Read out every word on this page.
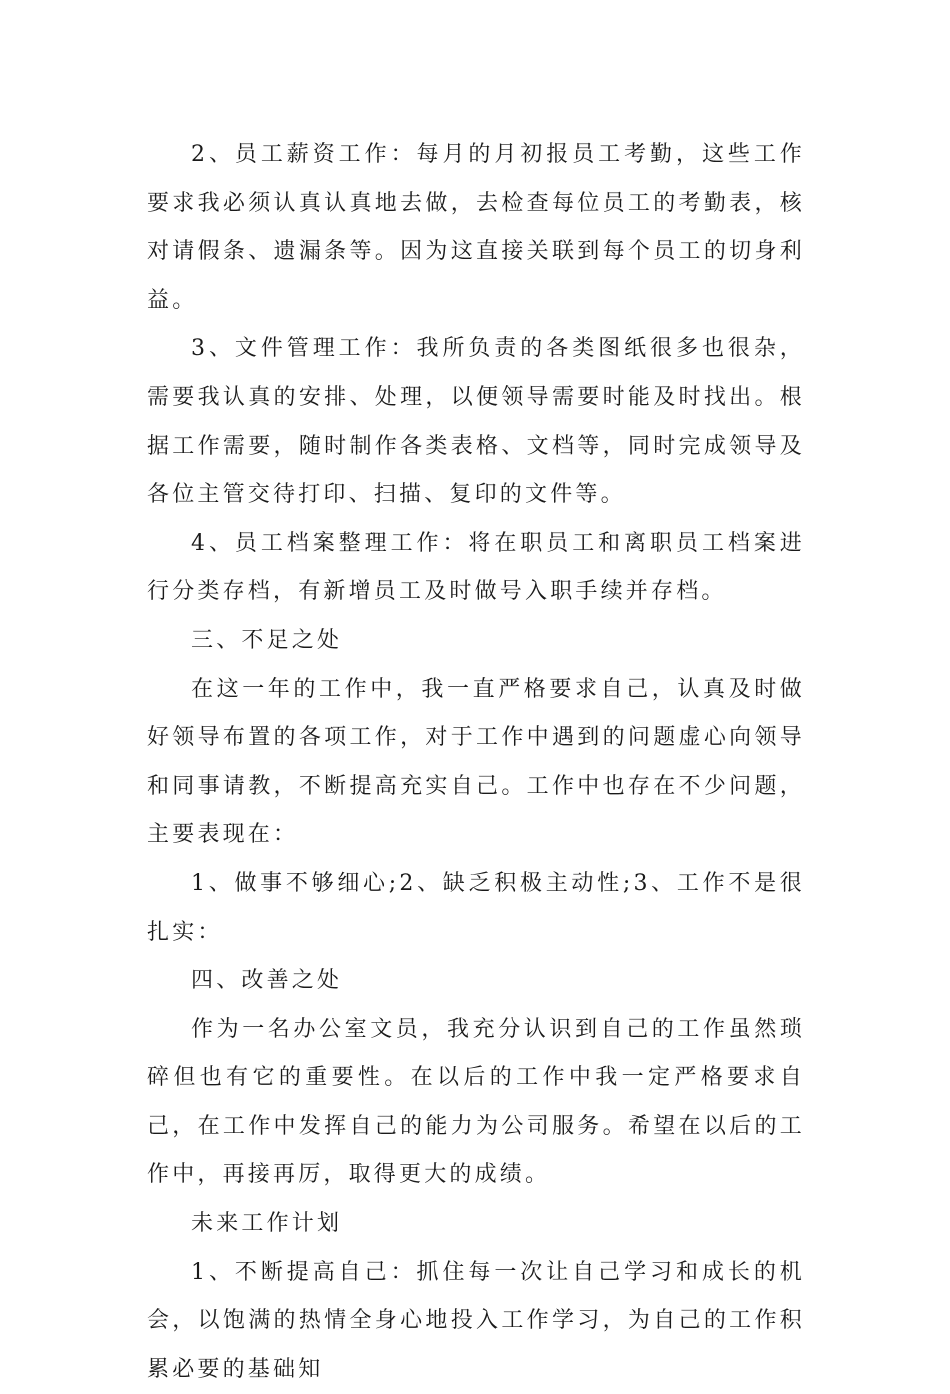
2、员工薪资工作：每月的月初报员工考勤，这些工作要求我必须认真认真地去做，去检查每位员工的考勤表，核对请假条、遗漏条等。因为这直接关联到每个员工的切身利益。

3、文件管理工作：我所负责的各类图纸很多也很杂，需要我认真的安排、处理，以便领导需要时能及时找出。根据工作需要，随时制作各类表格、文档等，同时完成领导及各位主管交待打印、扫描、复印的文件等。

4、员工档案整理工作：将在职员工和离职员工档案进行分类存档，有新增员工及时做号入职手续并存档。

三、不足之处

在这一年的工作中，我一直严格要求自己，认真及时做好领导布置的各项工作，对于工作中遇到的问题虚心向领导和同事请教，不断提高充实自己。工作中也存在不少问题，主要表现在：

1、做事不够细心;2、缺乏积极主动性;3、工作不是很扎实：

四、改善之处

作为一名办公室文员，我充分认识到自己的工作虽然琐碎但也有它的重要性。在以后的工作中我一定严格要求自己，在工作中发挥自己的能力为公司服务。希望在以后的工作中，再接再厉，取得更大的成绩。

未来工作计划

1、不断提高自己：抓住每一次让自己学习和成长的机会，以饱满的热情全身心地投入工作学习，为自己的工作积累必要的基础知
